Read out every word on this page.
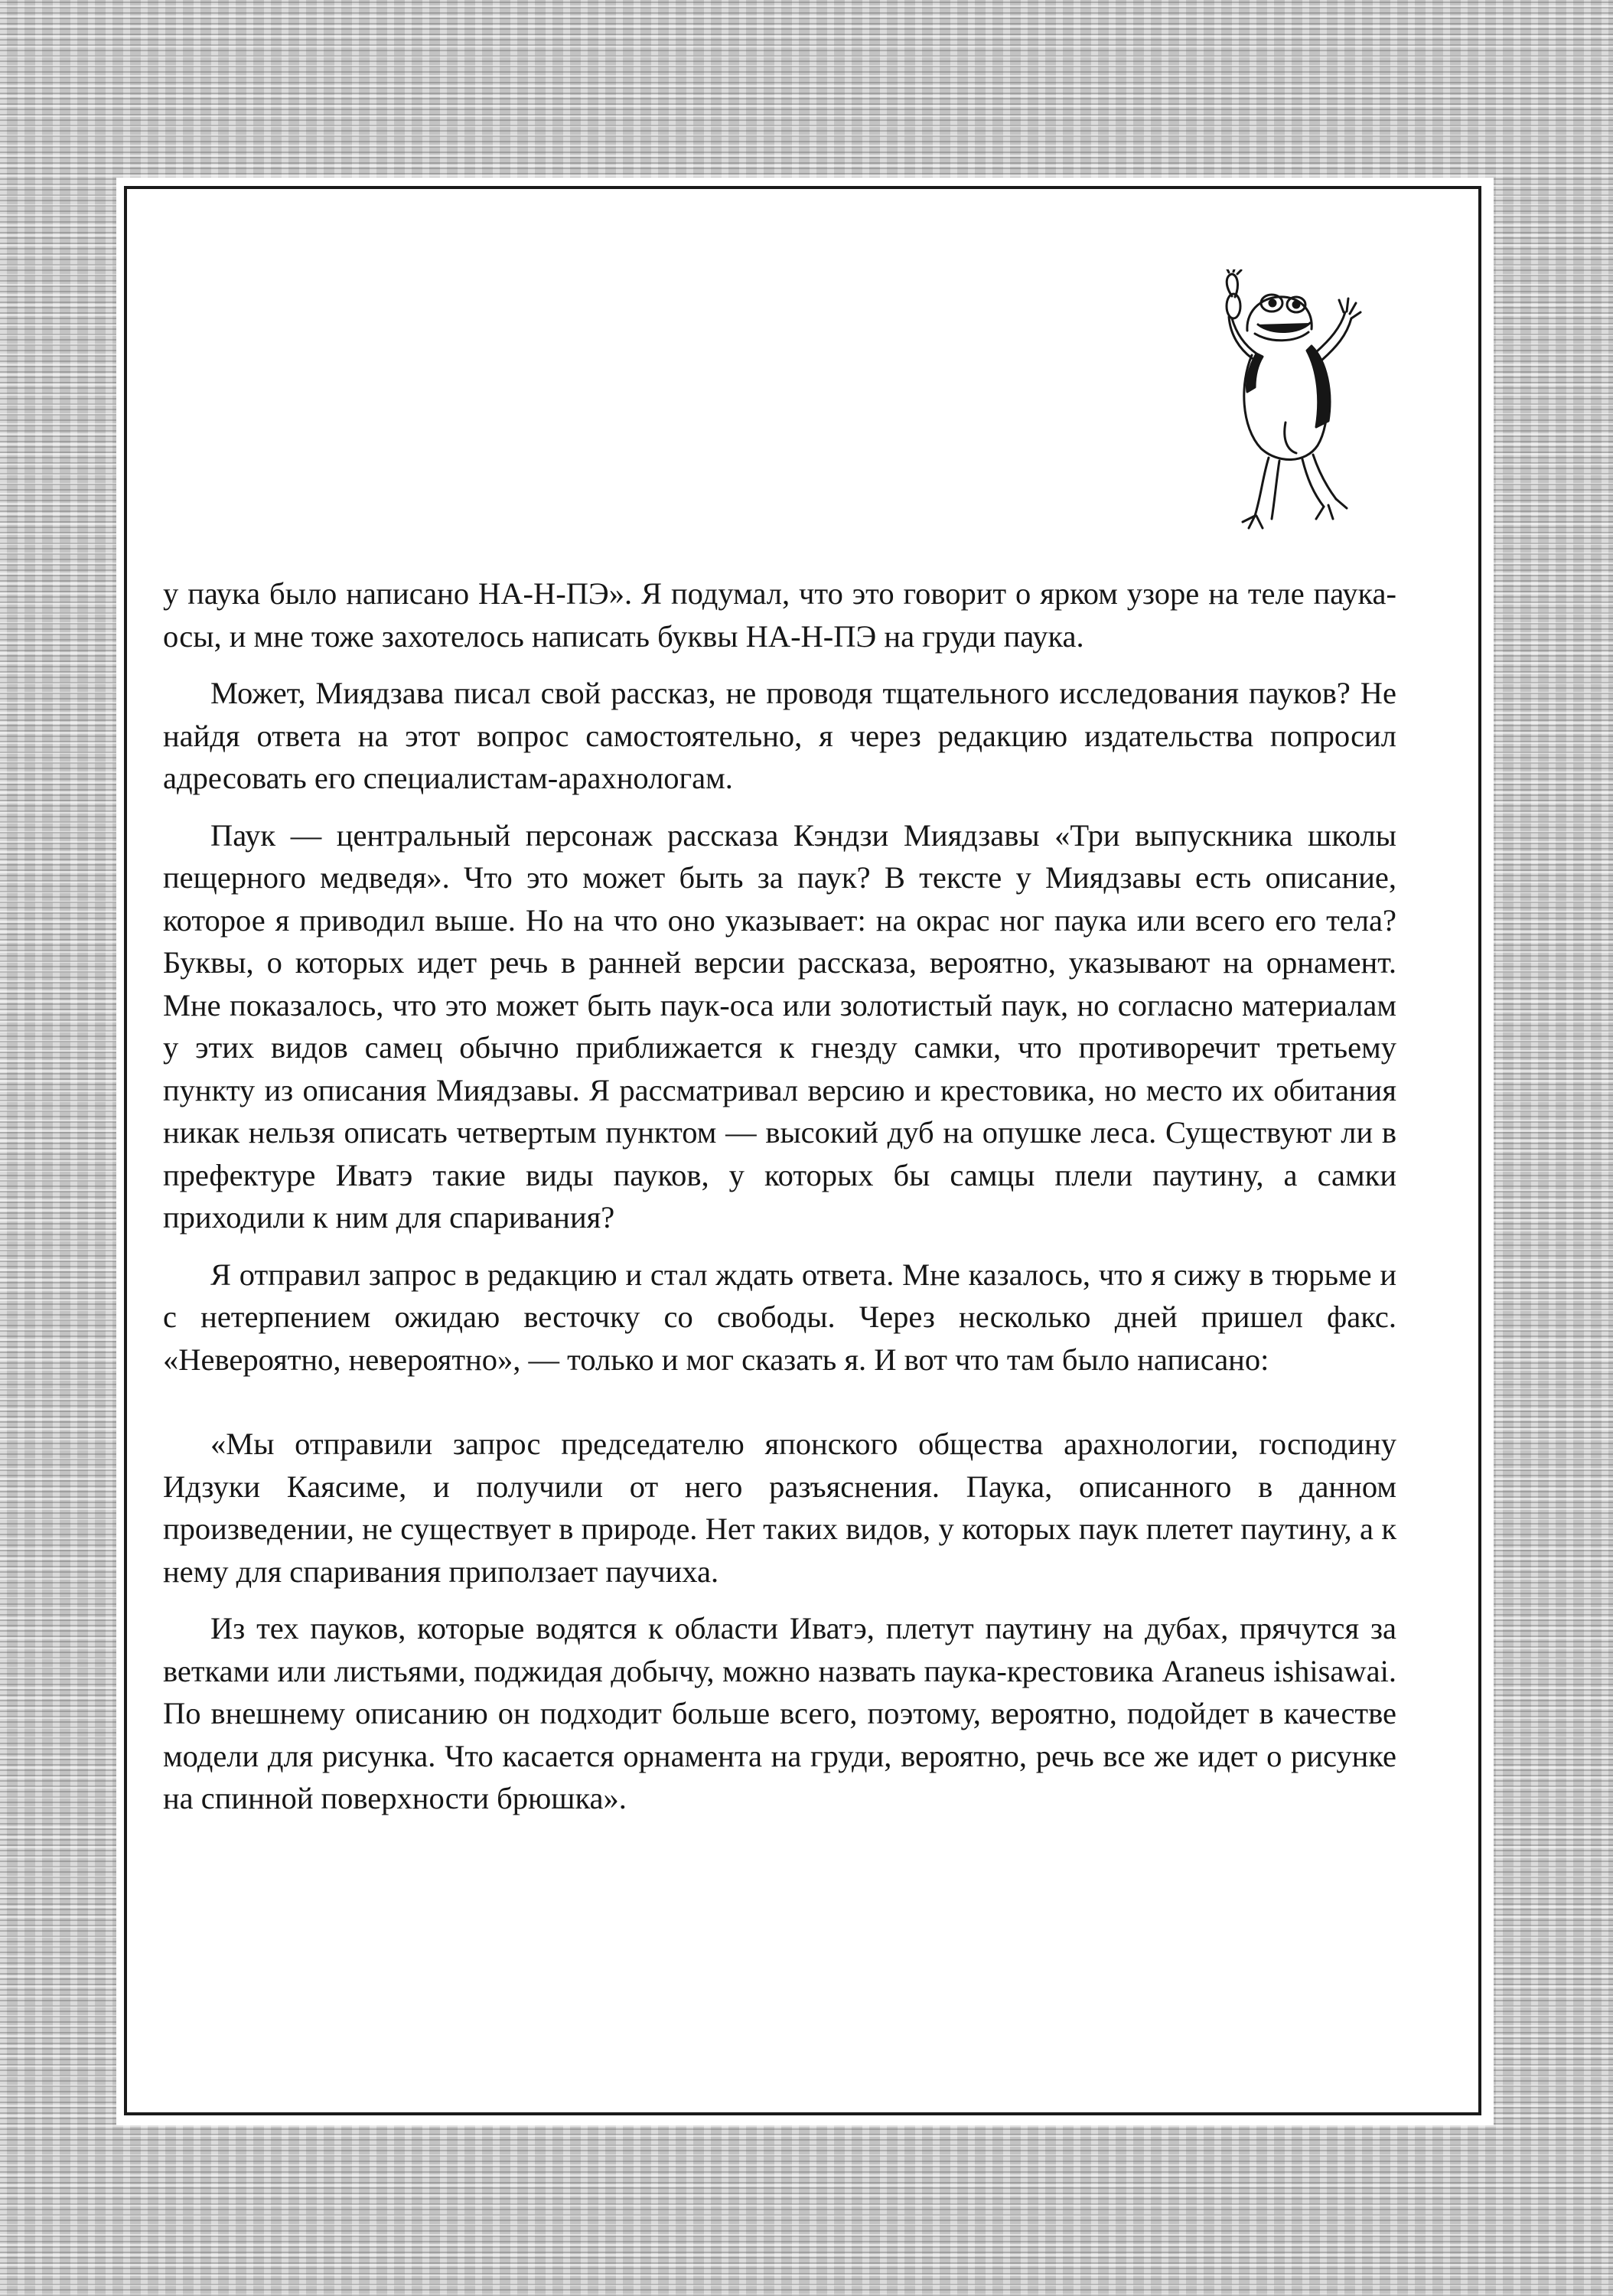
у паука было написано НА-Н-ПЭ». Я подумал, что это говорит о ярком узоре на теле паука-осы, и мне тоже захотелось написать буквы НА-Н-ПЭ на груди паука.

Может, Миядзава писал свой рассказ, не проводя тщательного исследования пауков? Не найдя ответа на этот вопрос самостоятельно, я через редакцию издательства попросил адресовать его специалистам-арахнологам.

Паук — центральный персонаж рассказа Кэндзи Миядзавы «Три выпускника школы пещерного медведя». Что это может быть за паук? В тексте у Миядзавы есть описание, которое я приводил выше. Но на что оно указывает: на окрас ног паука или всего его тела? Буквы, о которых идет речь в ранней версии рассказа, вероятно, указывают на орнамент. Мне показалось, что это может быть паук-оса или золотистый паук, но согласно материалам у этих видов самец обычно приближается к гнезду самки, что противоречит третьему пункту из описания Миядзавы. Я рассматривал версию и крестовика, но место их обитания никак нельзя описать четвертым пунктом — высокий дуб на опушке леса. Существуют ли в префектуре Иватэ такие виды пауков, у которых бы самцы плели паутину, а самки приходили к ним для спаривания?

Я отправил запрос в редакцию и стал ждать ответа. Мне казалось, что я сижу в тюрьме и с нетерпением ожидаю весточку со свободы. Через несколько дней пришел факс. «Невероятно, невероятно», — только и мог сказать я. И вот что там было написано:

«Мы отправили запрос председателю японского общества арахнологии, господину Идзуки Каясиме, и получили от него разъяснения. Паука, описанного в данном произведении, не существует в природе. Нет таких видов, у которых паук плетет паутину, а к нему для спаривания приползает паучиха.

Из тех пауков, которые водятся к области Иватэ, плетут паутину на дубах, прячутся за ветками или листьями, поджидая добычу, можно назвать паука-крестовика Araneus ishisawai. По внешнему описанию он подходит больше всего, поэтому, вероятно, подойдет в качестве модели для рисунка. Что касается орнамента на груди, вероятно, речь все же идет о рисунке на спинной поверхности брюшка».
